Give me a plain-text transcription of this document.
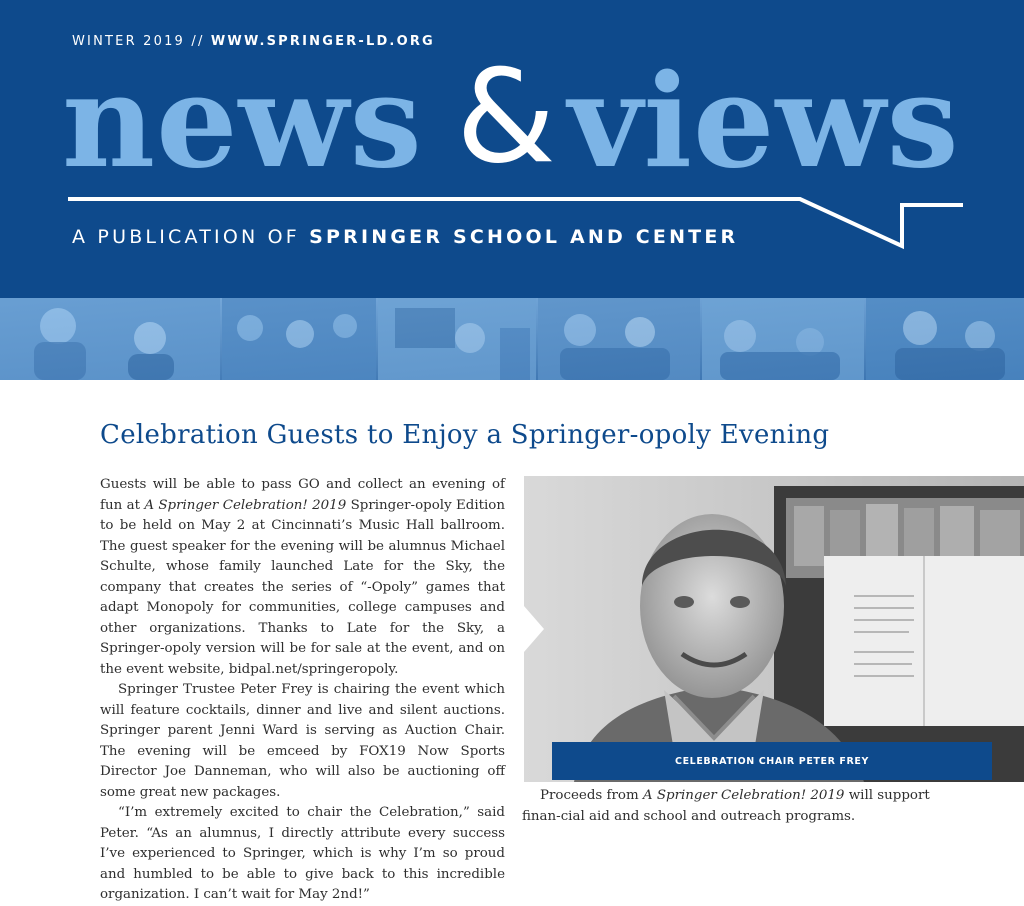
WINTER 2019 // WWW.SPRINGER-LD.ORG
news & views
A PUBLICATION OF SPRINGER SCHOOL AND CENTER
Celebration Guests to Enjoy a Springer-opoly Evening

Guests will be able to pass GO and collect an evening of fun at A Springer Celebration! 2019 Springer-opoly Edition to be held on May 2 at Cincinnati’s Music Hall ballroom. The guest speaker for the evening will be alumnus Michael Schulte, whose family launched Late for the Sky, the company that creates the series of “-Opoly” games that adapt Monopoly for communities, college campuses and other organizations. Thanks to Late for the Sky, a Springer-opoly version will be for sale at the event, and on the event website, bidpal.net/springeropoly.

Springer Trustee Peter Frey is chairing the event which will feature cocktails, dinner and live and silent auctions. Springer parent Jenni Ward is serving as Auction Chair. The evening will be emceed by FOX19 Now Sports Director Joe Danneman, who will also be auctioning off some great new packages.

“I’m extremely excited to chair the Celebration,” said Peter. “As an alumnus, I directly attribute every success I’ve experienced to Springer, which is why I’m so proud and humbled to be able to give back to this incredible organization. I can’t wait for May 2nd!”

CELEBRATION CHAIR PETER FREY
Proceeds from A Springer Celebration! 2019 will support finan-cial aid and school and outreach programs.
